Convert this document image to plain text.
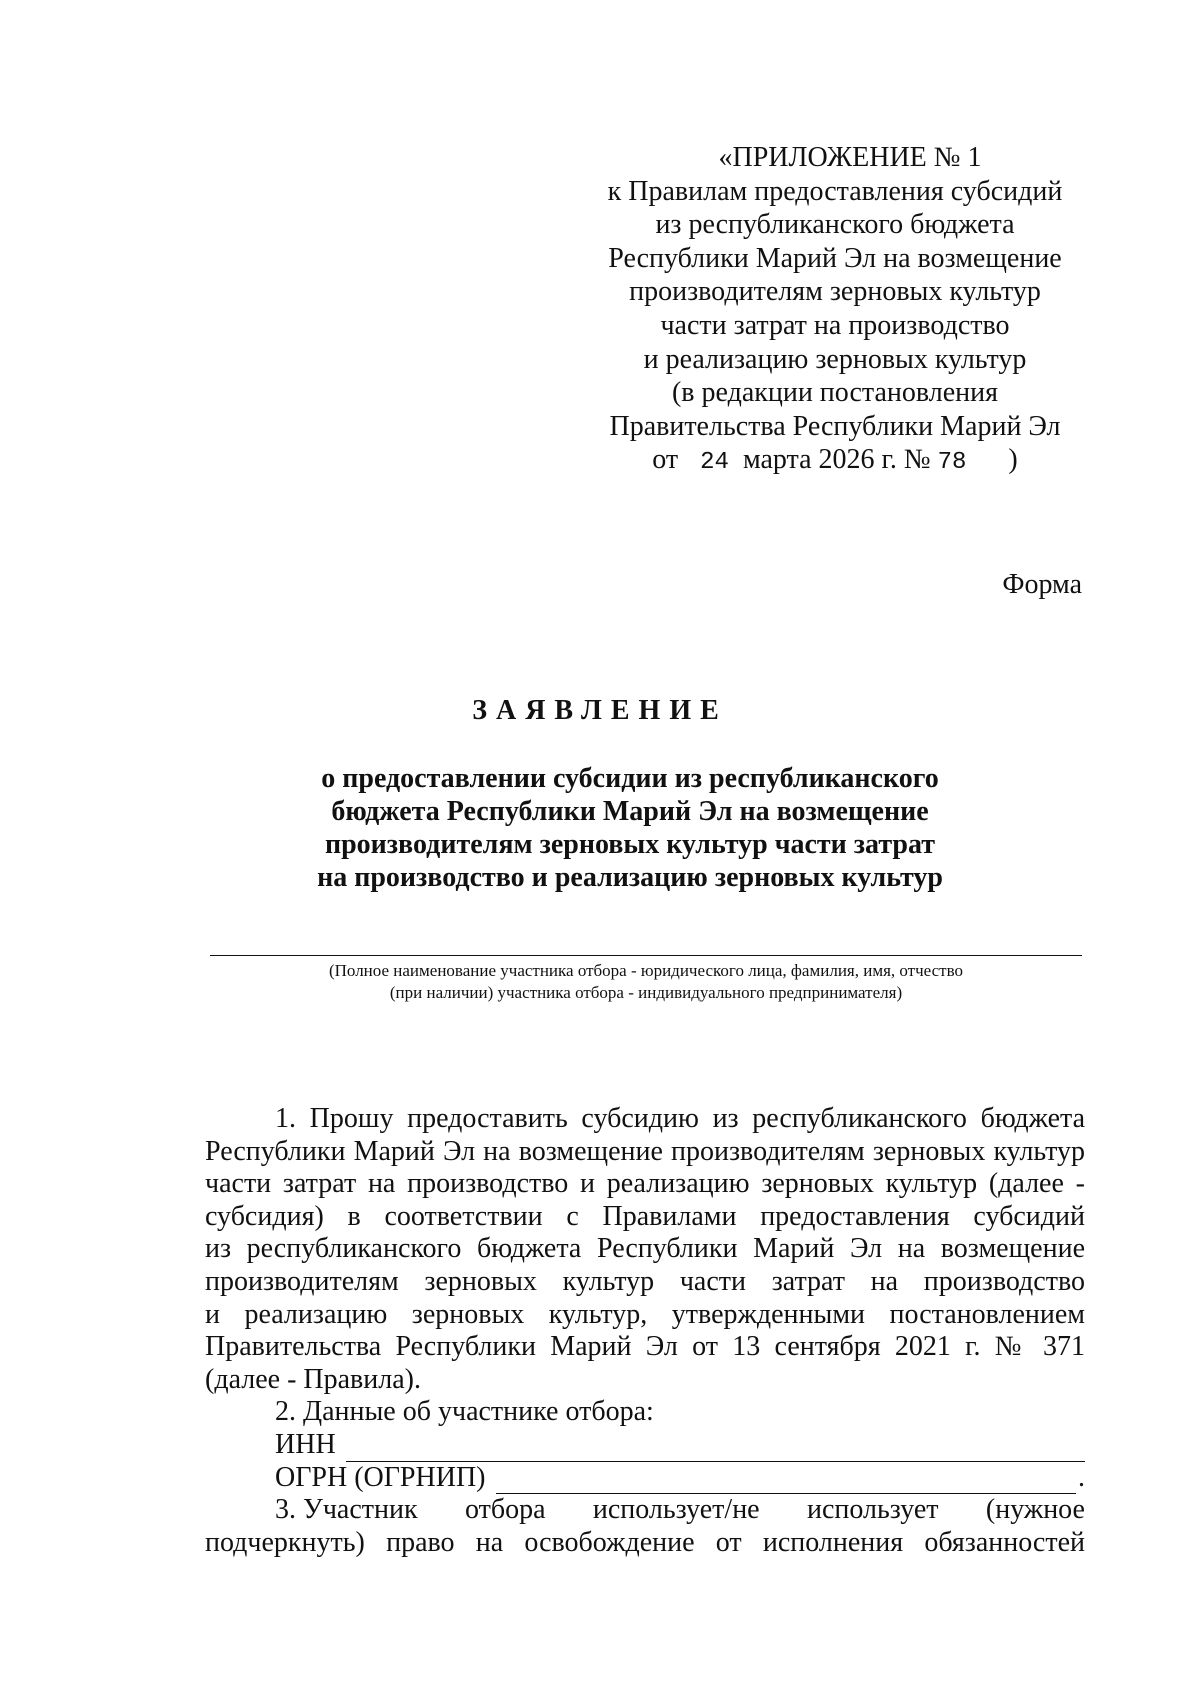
«ПРИЛОЖЕНИЕ № 1
к Правилам предоставления субсидий
из республиканского бюджета
Республики Марий Эл на возмещение
производителям зерновых культур
части затрат на производство
и реализацию зерновых культур
(в редакции постановления
Правительства Республики Марий Эл
от 24 марта 2026 г. № 78 )
Форма
ЗАЯВЛЕНИЕ
о предоставлении субсидии из республиканского
бюджета Республики Марий Эл на возмещение
производителям зерновых культур части затрат
на производство и реализацию зерновых культур
(Полное наименование участника отбора - юридического лица, фамилия, имя, отчество
(при наличии) участника отбора - индивидуального предпринимателя)
1. Прошу предоставить субсидию из республиканского бюджета
Республики Марий Эл на возмещение производителям зерновых культур
части затрат на производство и реализацию зерновых культур (далее -
субсидия) в соответствии с Правилами предоставления субсидий
из республиканского бюджета Республики Марий Эл на возмещение
производителям зерновых культур части затрат на производство
и реализацию зерновых культур, утвержденными постановлением
Правительства Республики Марий Эл от 13 сентября 2021 г. № 371
(далее - Правила).
2. Данные об участнике отбора:
ИНН
ОГРН (ОГРНИП)	.
3. Участник отбора использует/не использует (нужное
подчеркнуть) право на освобождение от исполнения обязанностей
